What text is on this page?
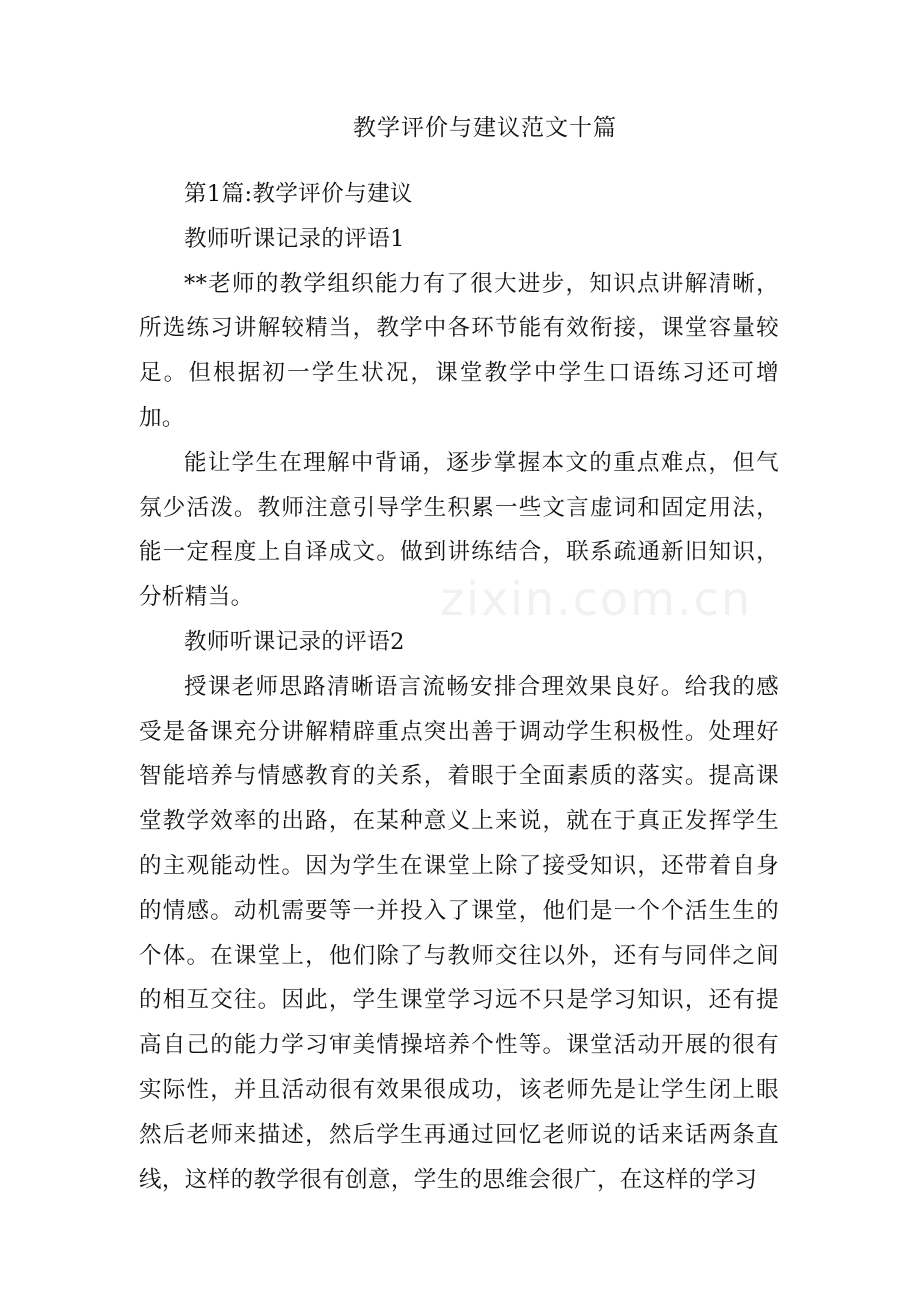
教学评价与建议范文十篇

第1篇:教学评价与建议

教师听课记录的评语1

**老师的教学组织能力有了很大进步，知识点讲解清晰，所选练习讲解较精当，教学中各环节能有效衔接，课堂容量较足。但根据初一学生状况，课堂教学中学生口语练习还可增加。

能让学生在理解中背诵，逐步掌握本文的重点难点，但气氛少活泼。教师注意引导学生积累一些文言虚词和固定用法，能一定程度上自译成文。做到讲练结合，联系疏通新旧知识，分析精当。

教师听课记录的评语2

授课老师思路清晰语言流畅安排合理效果良好。给我的感受是备课充分讲解精辟重点突出善于调动学生积极性。处理好智能培养与情感教育的关系，着眼于全面素质的落实。提高课堂教学效率的出路，在某种意义上来说，就在于真正发挥学生的主观能动性。因为学生在课堂上除了接受知识，还带着自身的情感。动机需要等一并投入了课堂，他们是一个个活生生的个体。在课堂上，他们除了与教师交往以外，还有与同伴之间的相互交往。因此，学生课堂学习远不只是学习知识，还有提高自己的能力学习审美情操培养个性等。课堂活动开展的很有实际性，并且活动很有效果很成功，该老师先是让学生闭上眼然后老师来描述，然后学生再通过回忆老师说的话来话两条直线，这样的教学很有创意，学生的思维会很广，在这样的学习

zixin.com.cn
